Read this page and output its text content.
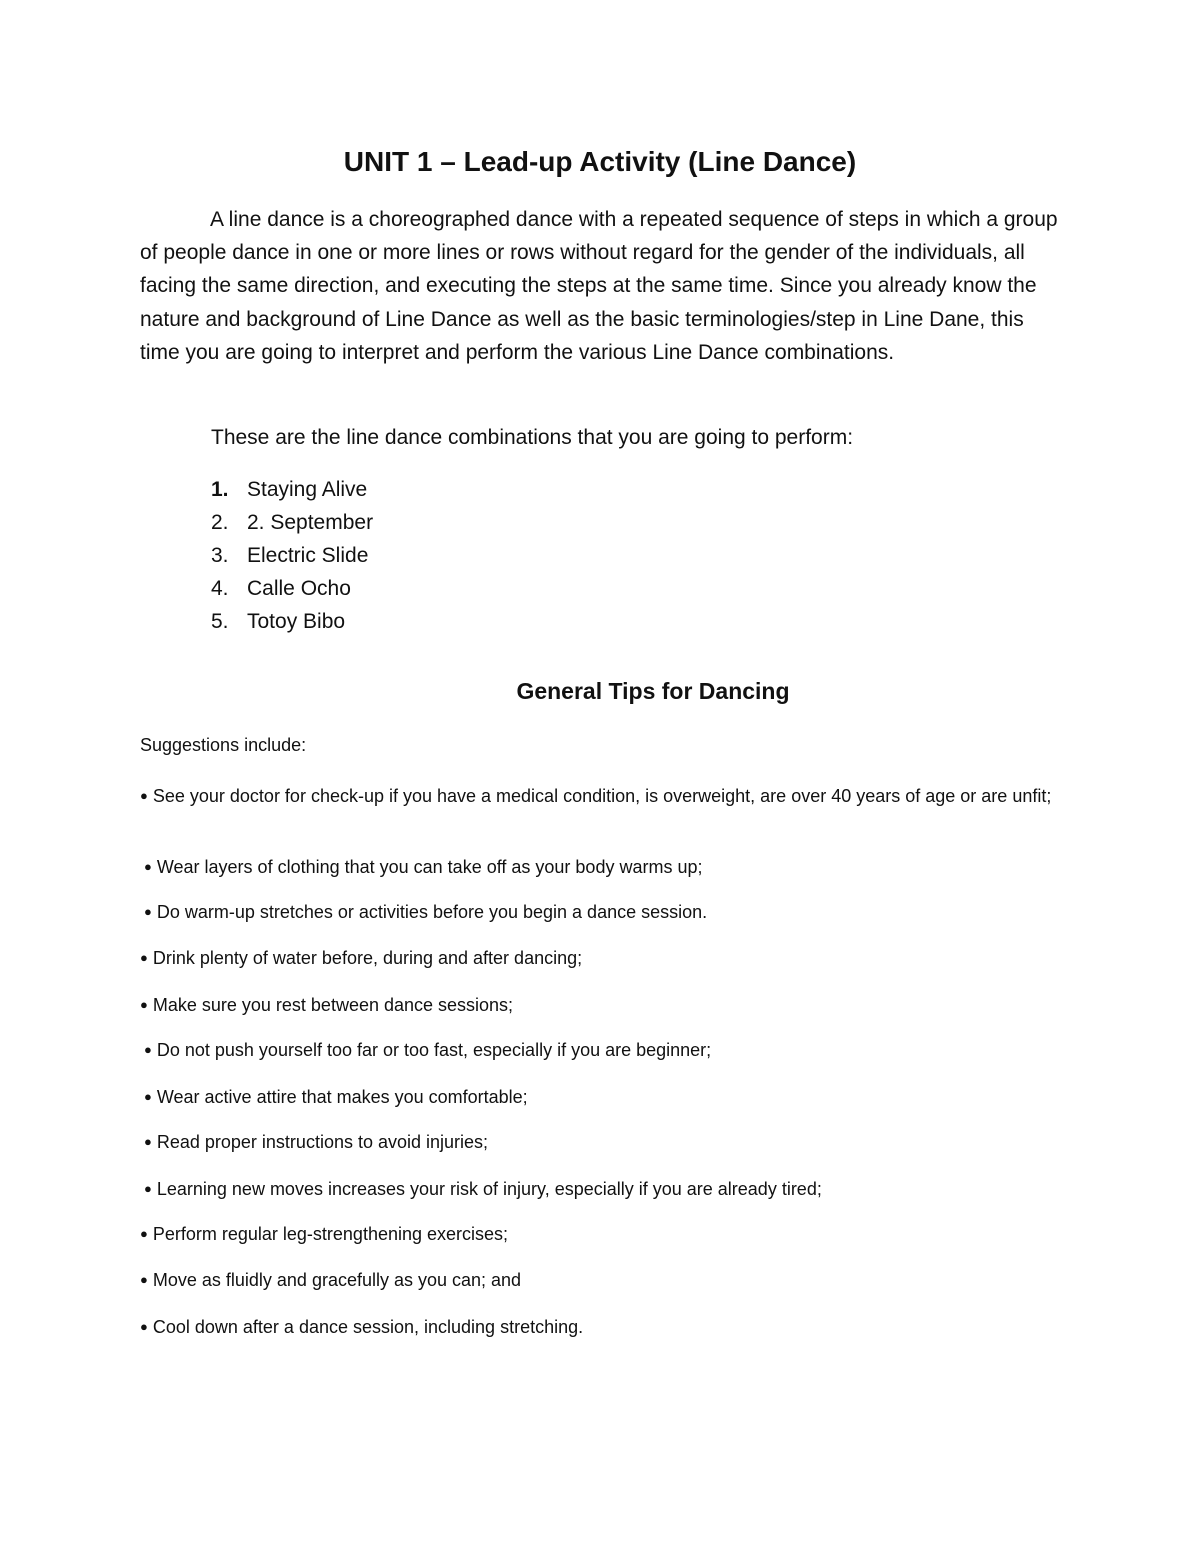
UNIT 1 – Lead-up Activity (Line Dance)

A line dance is a choreographed dance with a repeated sequence of steps in which a group of people dance in one or more lines or rows without regard for the gender of the individuals, all facing the same direction, and executing the steps at the same time. Since you already know the nature and background of Line Dance as well as the basic terminologies/step in Line Dane, this time you are going to interpret and perform the various Line Dance combinations.

These are the line dance combinations that you are going to perform:

1. Staying Alive
2. 2. September
3. Electric Slide
4. Calle Ocho
5. Totoy Bibo
General Tips for Dancing

Suggestions include:

● See your doctor for check-up if you have a medical condition, is overweight, are over 40 years of age or are unfit;
● Wear layers of clothing that you can take off as your body warms up;
● Do warm-up stretches or activities before you begin a dance session.
● Drink plenty of water before, during and after dancing;
● Make sure you rest between dance sessions;
● Do not push yourself too far or too fast, especially if you are beginner;
● Wear active attire that makes you comfortable;
● Read proper instructions to avoid injuries;
● Learning new moves increases your risk of injury, especially if you are already tired;
● Perform regular leg-strengthening exercises;
● Move as fluidly and gracefully as you can; and
● Cool down after a dance session, including stretching.
